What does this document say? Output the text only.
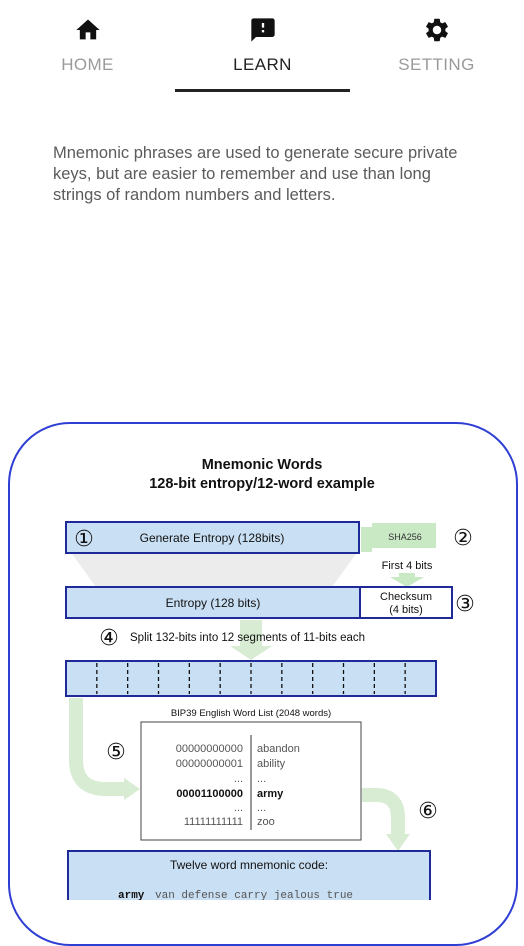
HOME	LEARN	SETTING
Mnemonic phrases are used to generate secure private keys, but are easier to remember and use than long strings of random numbers and letters.
Mnemonic Words
128-bit entropy/12-word example
①	Generate Entropy (128bits)	SHA256 ②
First 4 bits
Entropy (128 bits)	Checksum
(4 bits) ③
④ Split 132-bits into 12 segments of 11-bits each
⑤
BIP39 English Word List (2048 words)
00000000000 abandon
00000000001 ability
... ...
00001100000 army
... ...
11111111111 zoo	⑥
Twelve word mnemonic code:
army van defense carry jealous true
